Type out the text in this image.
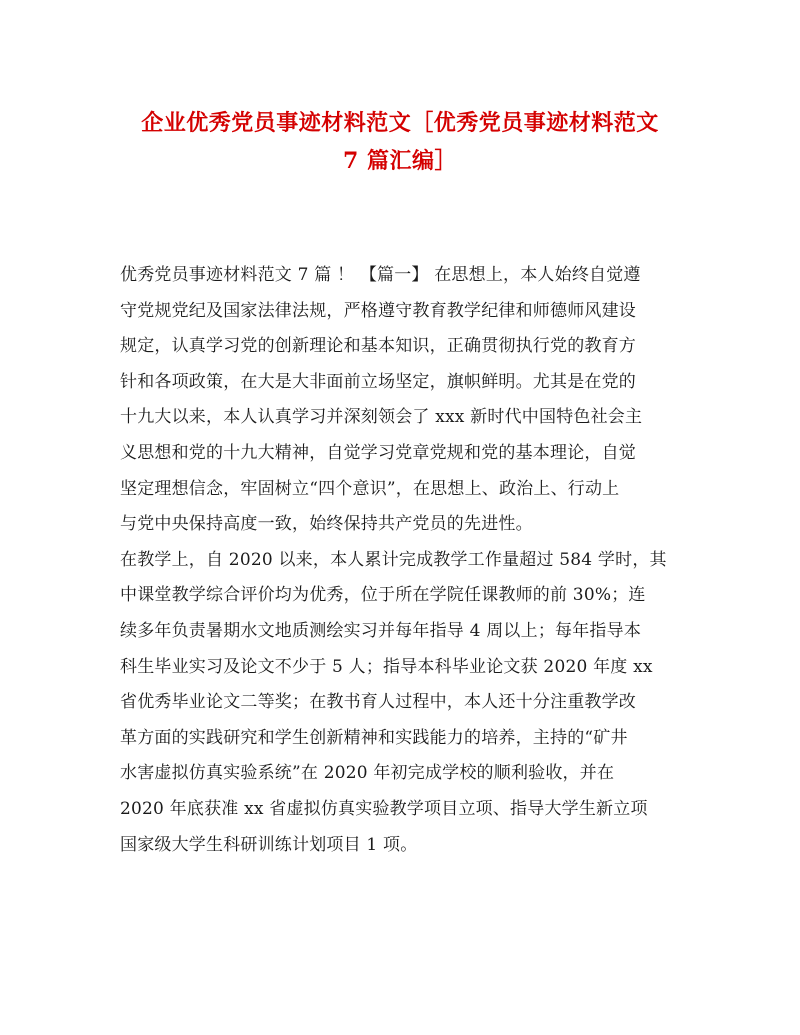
企业优秀党员事迹材料范文［优秀党员事迹材料范文
7 篇汇编］
优秀党员事迹材料范文 7 篇 ！ 【篇一】 在思想上，本人始终自觉遵
守党规党纪及国家法律法规，严格遵守教育教学纪律和师德师风建设
规定，认真学习党的创新理论和基本知识，正确贯彻执行党的教育方
针和各项政策，在大是大非面前立场坚定，旗帜鲜明。尤其是在党的
十九大以来，本人认真学习并深刻领会了 xxx 新时代中国特色社会主
义思想和党的十九大精神，自觉学习党章党规和党的基本理论，自觉
坚定理想信念，牢固树立“四个意识”，在思想上、政治上、行动上
与党中央保持高度一致，始终保持共产党员的先进性。
在教学上，自 2020 以来，本人累计完成教学工作量超过 584 学时，其
中课堂教学综合评价均为优秀，位于所在学院任课教师的前 30%；连
续多年负责暑期水文地质测绘实习并每年指导 4 周以上；每年指导本
科生毕业实习及论文不少于 5 人；指导本科毕业论文获 2020 年度 xx
省优秀毕业论文二等奖；在教书育人过程中，本人还十分注重教学改
革方面的实践研究和学生创新精神和实践能力的培养，主持的“矿井
水害虚拟仿真实验系统”在 2020 年初完成学校的顺利验收，并在
2020 年底获准 xx 省虚拟仿真实验教学项目立项、指导大学生新立项
国家级大学生科研训练计划项目 1 项。
